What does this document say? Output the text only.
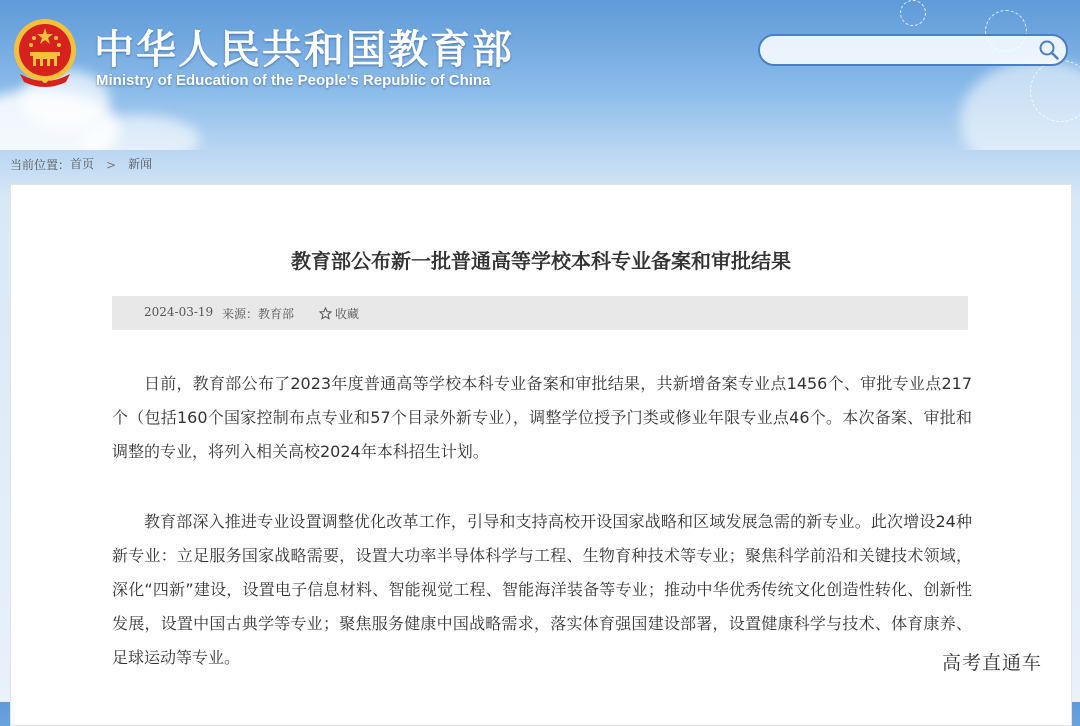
中华人民共和国教育部
Ministry of Education of the People's Republic of China
当前位置：首页 > 新闻
教育部公布新一批普通高等学校本科专业备案和审批结果
2024-03-19 来源：教育部	收藏

日前，教育部公布了2023年度普通高等学校本科专业备案和审批结果，共新增备案专业点1456个、审批专业点217个（包括160个国家控制布点专业和57个目录外新专业），调整学位授予门类或修业年限专业点46个。本次备案、审批和调整的专业，将列入相关高校2024年本科招生计划。

教育部深入推进专业设置调整优化改革工作，引导和支持高校开设国家战略和区域发展急需的新专业。此次增设24种新专业：立足服务国家战略需要，设置大功率半导体科学与工程、生物育种技术等专业；聚焦科学前沿和关键技术领域，深化“四新”建设，设置电子信息材料、智能视觉工程、智能海洋装备等专业；推动中华优秀传统文化创造性转化、创新性发展，设置中国古典学等专业；聚焦服务健康中国战略需求，落实体育强国建设部署，设置健康科学与技术、体育康养、足球运动等专业。	高考直通车
